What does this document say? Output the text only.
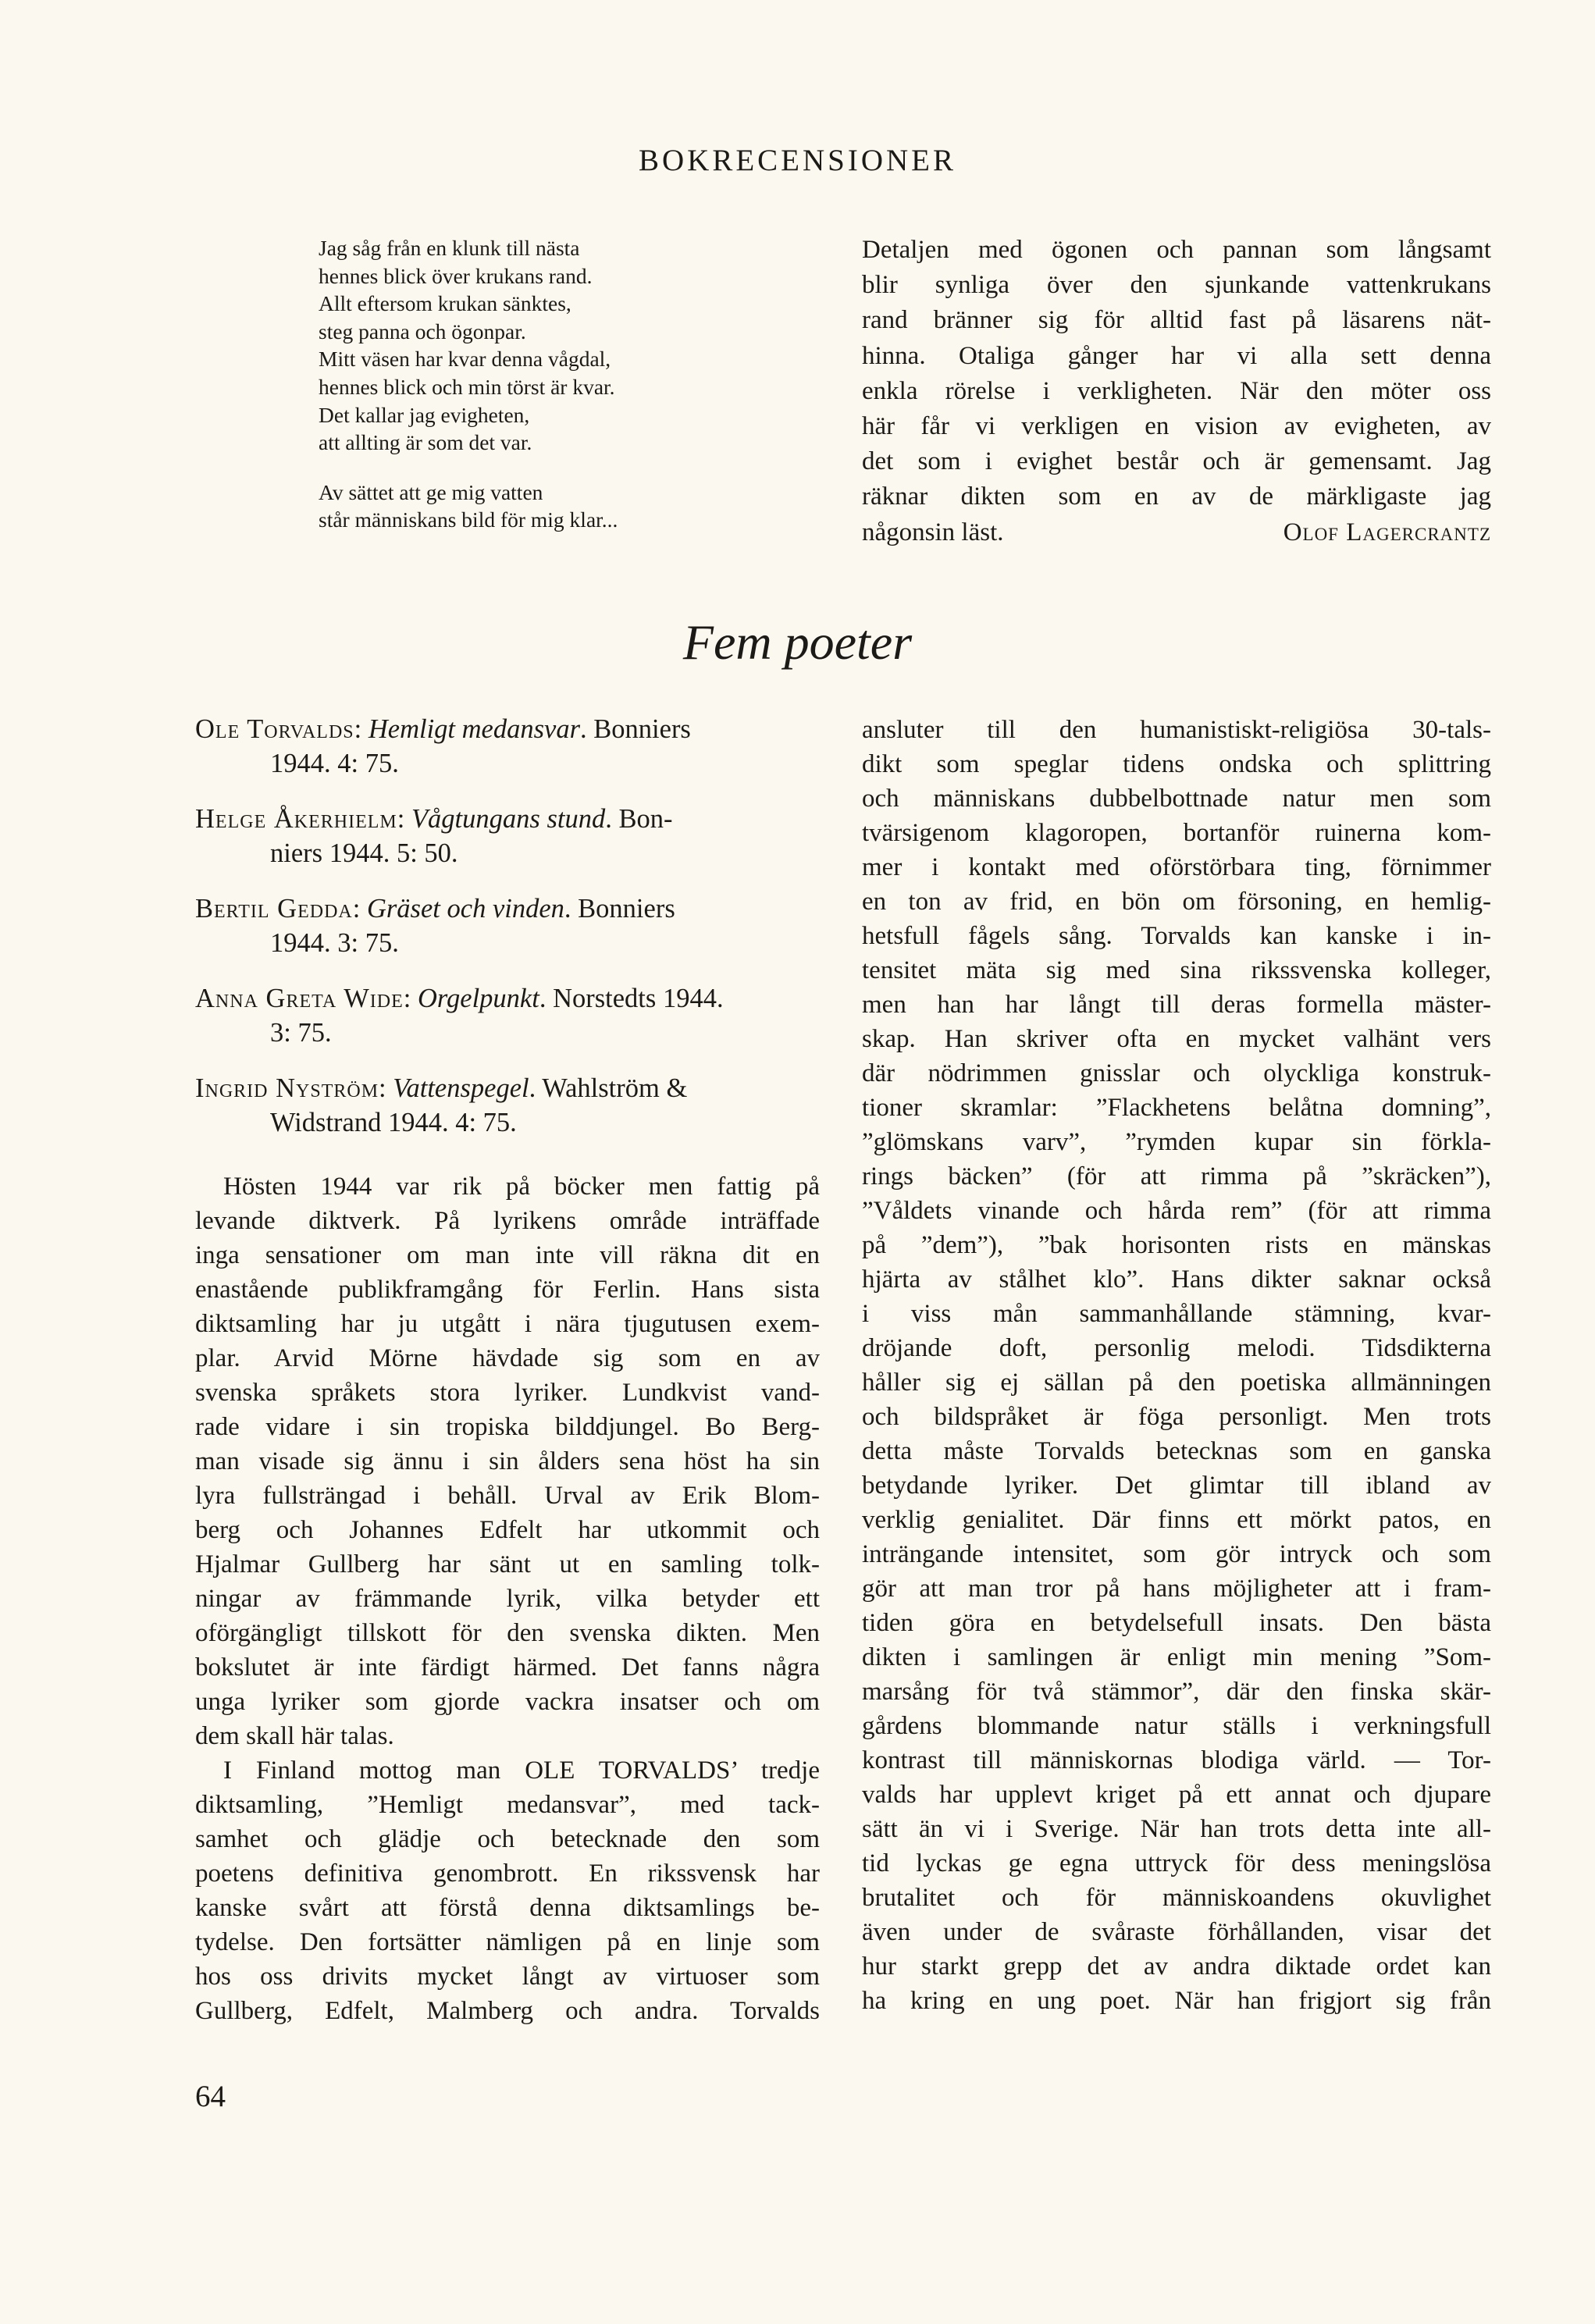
BOKRECENSIONER
Jag såg från en klunk till nästa
hennes blick över krukans rand.
Allt eftersom krukan sänktes,
steg panna och ögonpar.
Mitt väsen har kvar denna vågdal,
hennes blick och min törst är kvar.
Det kallar jag evigheten,
att allting är som det var.
Av sättet att ge mig vatten
står människans bild för mig klar...
Detaljen med ögonen och pannan som långsamt
blir synliga över den sjunkande vattenkrukans
rand bränner sig för alltid fast på läsarens nät-
hinna. Otaliga gånger har vi alla sett denna
enkla rörelse i verkligheten. När den möter oss
här får vi verkligen en vision av evigheten, av
det som i evighet består och är gemensamt. Jag
räknar dikten som en av de märkligaste jag
någonsin läst.	Olof Lagercrantz
Fem poeter
Ole Torvalds: Hemligt medansvar. Bonniers
1944. 4: 75.
Helge Åkerhielm: Vågtungans stund. Bon-
niers 1944. 5: 50.
Bertil Gedda: Gräset och vinden. Bonniers
1944. 3: 75.
Anna Greta Wide: Orgelpunkt. Norstedts 1944.
3: 75.
Ingrid Nyström: Vattenspegel. Wahlström &
Widstrand 1944. 4: 75.
Hösten 1944 var rik på böcker men fattig på
levande diktverk. På lyrikens område inträffade
inga sensationer om man inte vill räkna dit en
enastående publikframgång för Ferlin. Hans sista
diktsamling har ju utgått i nära tjugutusen exem-
plar. Arvid Mörne hävdade sig som en av
svenska språkets stora lyriker. Lundkvist vand-
rade vidare i sin tropiska bilddjungel. Bo Berg-
man visade sig ännu i sin ålders sena höst ha sin
lyra fullsträngad i behåll. Urval av Erik Blom-
berg och Johannes Edfelt har utkommit och
Hjalmar Gullberg har sänt ut en samling tolk-
ningar av främmande lyrik, vilka betyder ett
oförgängligt tillskott för den svenska dikten. Men
bokslutet är inte färdigt härmed. Det fanns några
unga lyriker som gjorde vackra insatser och om
dem skall här talas.
I Finland mottog man OLE TORVALDS’ tredje
diktsamling, ”Hemligt medansvar”, med tack-
samhet och glädje och betecknade den som
poetens definitiva genombrott. En rikssvensk har
kanske svårt att förstå denna diktsamlings be-
tydelse. Den fortsätter nämligen på en linje som
hos oss drivits mycket långt av virtuoser som
Gullberg, Edfelt, Malmberg och andra. Torvalds
ansluter till den humanistiskt-religiösa 30-tals-
dikt som speglar tidens ondska och splittring
och människans dubbelbottnade natur men som
tvärsigenom klagoropen, bortanför ruinerna kom-
mer i kontakt med oförstörbara ting, förnimmer
en ton av frid, en bön om försoning, en hemlig-
hetsfull fågels sång. Torvalds kan kanske i in-
tensitet mäta sig med sina rikssvenska kolleger,
men han har långt till deras formella mäster-
skap. Han skriver ofta en mycket valhänt vers
där nödrimmen gnisslar och olyckliga konstruk-
tioner skramlar: ”Flackhetens belåtna domning”,
”glömskans varv”, ”rymden kupar sin förkla-
rings bäcken” (för att rimma på ”skräcken”),
”Våldets vinande och hårda rem” (för att rimma
på ”dem”), ”bak horisonten rists en mänskas
hjärta av stålhet klo”. Hans dikter saknar också
i viss mån sammanhållande stämning, kvar-
dröjande doft, personlig melodi. Tidsdikterna
håller sig ej sällan på den poetiska allmänningen
och bildspråket är föga personligt. Men trots
detta måste Torvalds betecknas som en ganska
betydande lyriker. Det glimtar till ibland av
verklig genialitet. Där finns ett mörkt patos, en
inträngande intensitet, som gör intryck och som
gör att man tror på hans möjligheter att i fram-
tiden göra en betydelsefull insats. Den bästa
dikten i samlingen är enligt min mening ”Som-
marsång för två stämmor”, där den finska skär-
gårdens blommande natur ställs i verkningsfull
kontrast till människornas blodiga värld. — Tor-
valds har upplevt kriget på ett annat och djupare
sätt än vi i Sverige. När han trots detta inte all-
tid lyckas ge egna uttryck för dess meningslösa
brutalitet och för människoandens okuvlighet
även under de svåraste förhållanden, visar det
hur starkt grepp det av andra diktade ordet kan
ha kring en ung poet. När han frigjort sig från
64
